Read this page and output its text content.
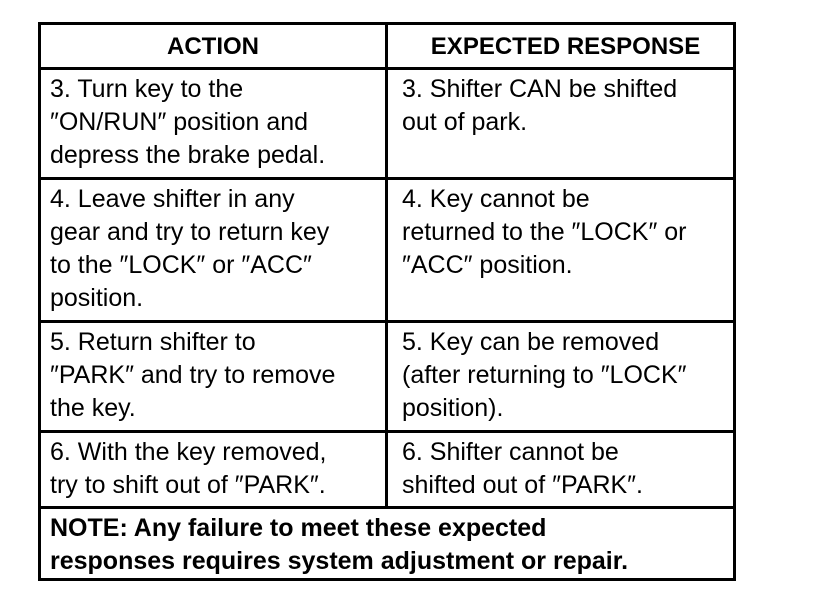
ACTION	EXPECTED RESPONSE
3. Turn key to the
″ON/RUN″ position and
depress the brake pedal.
3. Shifter CAN be shifted
out of park.
4. Leave shifter in any
gear and try to return key
to the ″LOCK″ or ″ACC″
position.
4. Key cannot be
returned to the ″LOCK″ or
″ACC″ position.
5. Return shifter to
″PARK″ and try to remove
the key.
5. Key can be removed
(after returning to ″LOCK″
position).
6. With the key removed,
try to shift out of ″PARK″.
6. Shifter cannot be
shifted out of ″PARK″.
NOTE: Any failure to meet these expected
responses requires system adjustment or repair.
